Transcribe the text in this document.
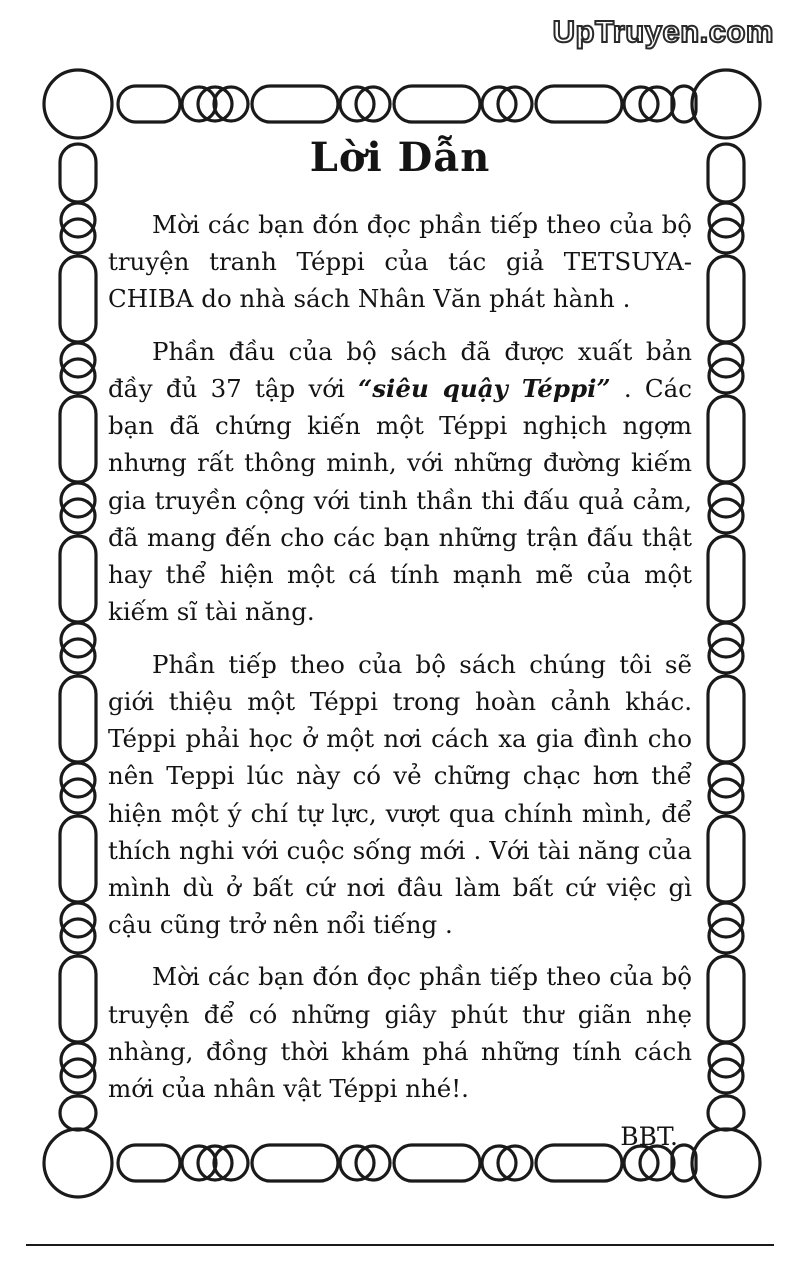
UpTruyen.com
Lời Dẫn

Mời các bạn đón đọc phần tiếp theo của bộ truyện tranh Téppi của tác giả TETSUYA-CHIBA do nhà sách Nhân Văn phát hành .

Phần đầu của bộ sách đã được xuất bản đầy đủ 37 tập với “siêu quậy Téppi” . Các bạn đã chứng kiến một Téppi nghịch ngợm nhưng rất thông minh, với những đường kiếm gia truyền cộng với tinh thần thi đấu quả cảm, đã mang đến cho các bạn những trận đấu thật hay thể hiện một cá tính mạnh mẽ của một kiếm sĩ tài năng.

Phần tiếp theo của bộ sách chúng tôi sẽ giới thiệu một Téppi trong hoàn cảnh khác. Téppi phải học ở một nơi cách xa gia đình cho nên Teppi lúc này có vẻ chững chạc hơn thể hiện một ý chí tự lực, vượt qua chính mình, để thích nghi với cuộc sống mới . Với tài năng của mình dù ở bất cứ nơi đâu làm bất cứ việc gì cậu cũng trở nên nổi tiếng .

Mời các bạn đón đọc phần tiếp theo của bộ truyện để có những giây phút thư giãn nhẹ nhàng, đồng thời khám phá những tính cách mới của nhân vật Téppi nhé!.

BBT.
